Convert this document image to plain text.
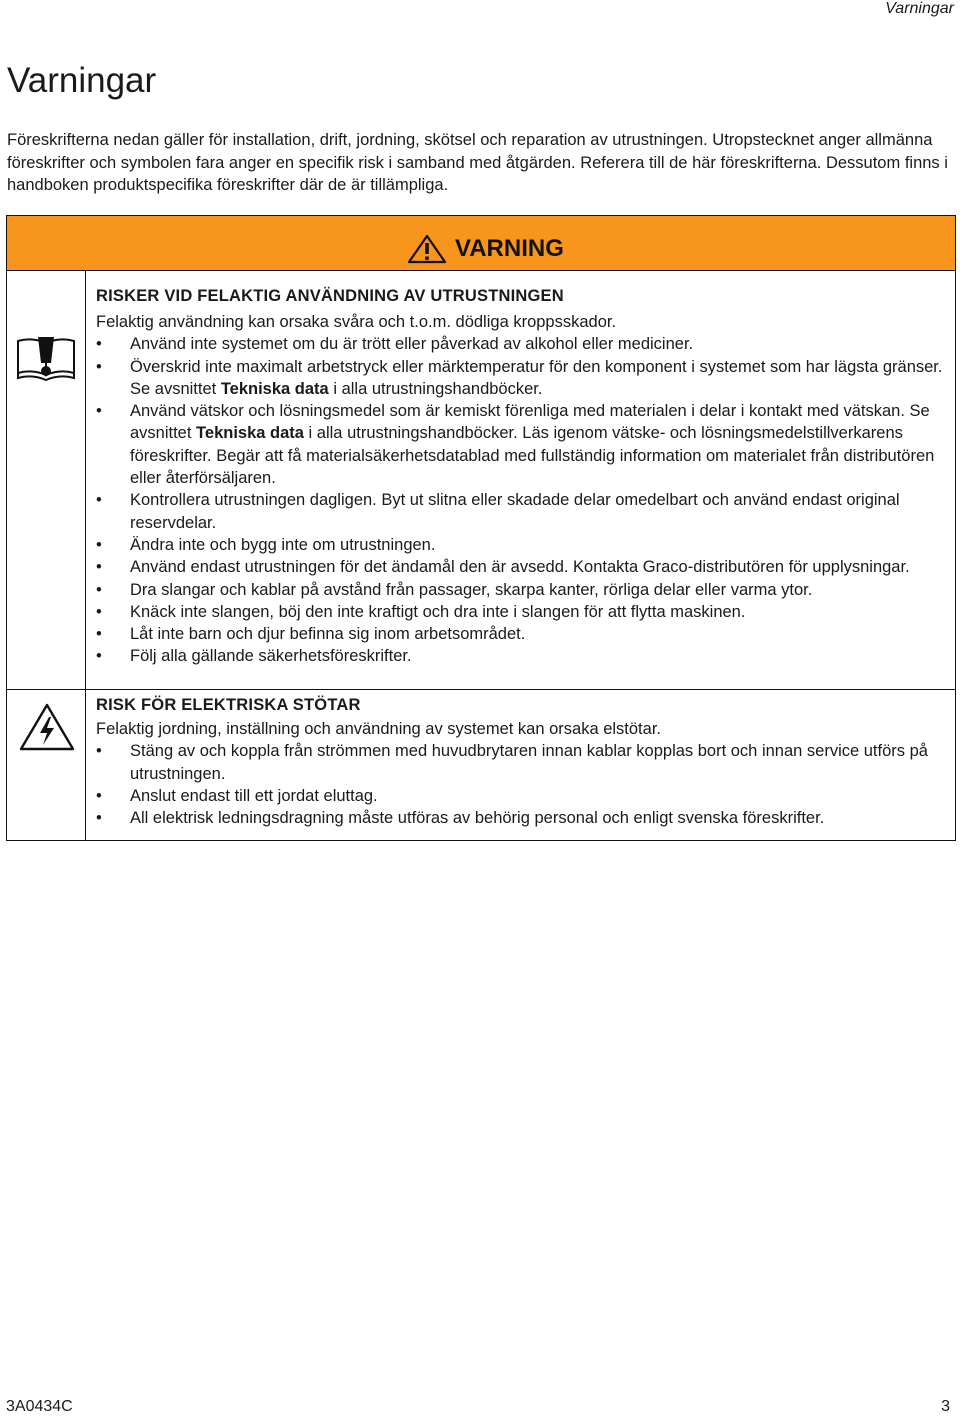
Varningar
Varningar

Föreskrifterna nedan gäller för installation, drift, jordning, skötsel och reparation av utrustningen. Utropstecknet anger allmänna föreskrifter och symbolen fara anger en specifik risk i samband med åtgärden. Referera till de här föreskrifterna. Dessutom finns i handboken produktspecifika föreskrifter där de är tillämpliga.

VARNING
RISKER VID FELAKTIG ANVÄNDNING AV UTRUSTNINGEN

Felaktig användning kan orsaka svåra och t.o.m. dödliga kroppsskador.

• Använd inte systemet om du är trött eller påverkad av alkohol eller mediciner.
• Överskrid inte maximalt arbetstryck eller märktemperatur för den komponent i systemet som har lägsta gränser. Se avsnittet Tekniska data i alla utrustningshandböcker.
• Använd vätskor och lösningsmedel som är kemiskt förenliga med materialen i delar i kontakt med vätskan. Se avsnittet Tekniska data i alla utrustningshandböcker. Läs igenom vätske- och lösningsmedelstillverkarens föreskrifter. Begär att få materialsäkerhetsdatablad med fullständig information om materialet från distributören eller återförsäljaren.
• Kontrollera utrustningen dagligen. Byt ut slitna eller skadade delar omedelbart och använd endast original reservdelar.
• Ändra inte och bygg inte om utrustningen.
• Använd endast utrustningen för det ändamål den är avsedd. Kontakta Graco-distributören för upplysningar.
• Dra slangar och kablar på avstånd från passager, skarpa kanter, rörliga delar eller varma ytor.
• Knäck inte slangen, böj den inte kraftigt och dra inte i slangen för att flytta maskinen.
• Låt inte barn och djur befinna sig inom arbetsområdet.
• Följ alla gällande säkerhetsföreskrifter.
RISK FÖR ELEKTRISKA STÖTAR

Felaktig jordning, inställning och användning av systemet kan orsaka elstötar.

• Stäng av och koppla från strömmen med huvudbrytaren innan kablar kopplas bort och innan service utförs på utrustningen.
• Anslut endast till ett jordat eluttag.
• All elektrisk ledningsdragning måste utföras av behörig personal och enligt svenska föreskrifter.
3A0434C	3
